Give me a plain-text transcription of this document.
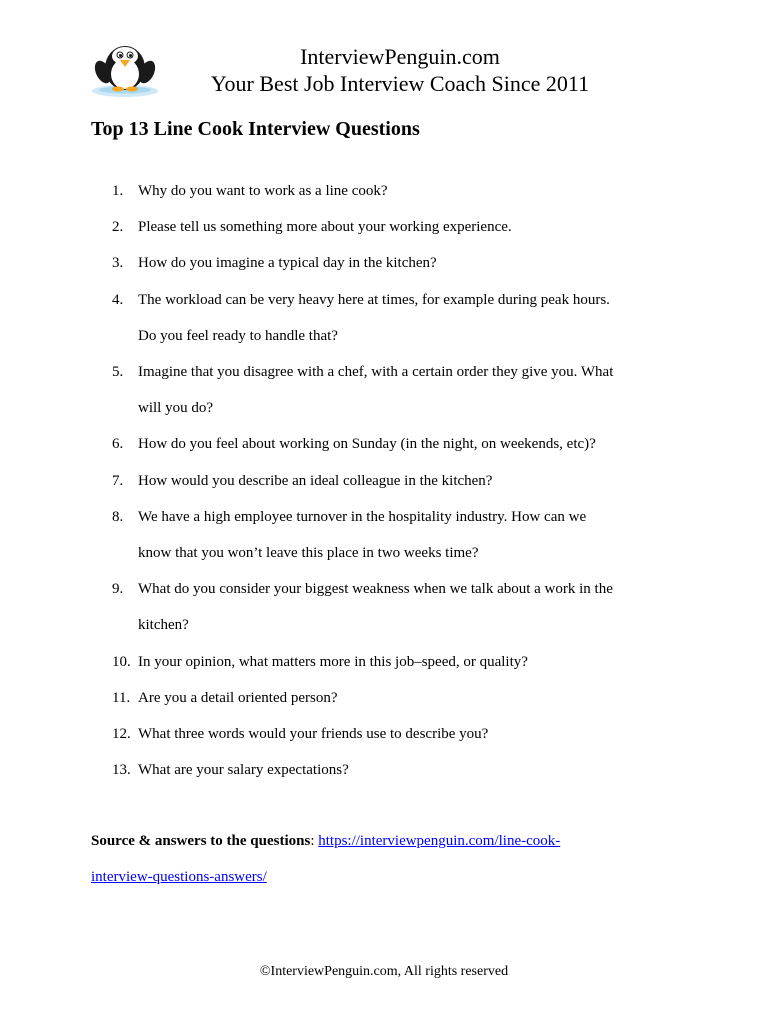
InterviewPenguin.com
Your Best Job Interview Coach Since 2011
Top 13 Line Cook Interview Questions
1. Why do you want to work as a line cook?
2. Please tell us something more about your working experience.
3. How do you imagine a typical day in the kitchen?
4. The workload can be very heavy here at times, for example during peak hours.
Do you feel ready to handle that?
5. Imagine that you disagree with a chef, with a certain order they give you. What
will you do?
6. How do you feel about working on Sunday (in the night, on weekends, etc)?
7. How would you describe an ideal colleague in the kitchen?
8. We have a high employee turnover in the hospitality industry. How can we
know that you won’t leave this place in two weeks time?
9. What do you consider your biggest weakness when we talk about a work in the
kitchen?
10. In your opinion, what matters more in this job–speed, or quality?
11. Are you a detail oriented person?
12. What three words would your friends use to describe you?
13. What are your salary expectations?

Source & answers to the questions: https://interviewpenguin.com/line-cook-
interview-questions-answers/

©InterviewPenguin.com, All rights reserved
